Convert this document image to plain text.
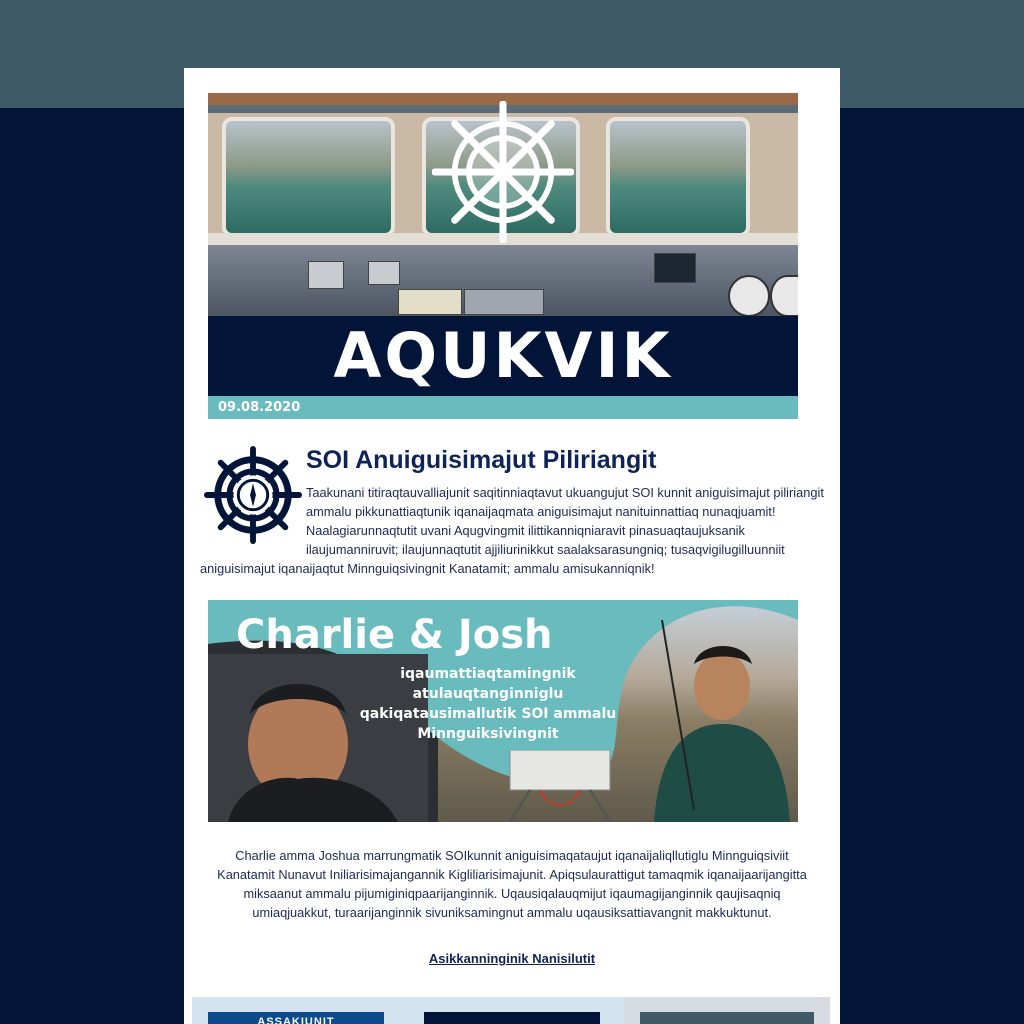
AQUKVIK
09.08.2020
SOI Anuiguisimajut Piliriangit
Taakunani titiraqtauvalliajunit saqitinniaqtavut ukuangujut SOI kunnit aniguisimajut piliriangit ammalu pikkunattiaqtunik iqanaijaqmata aniguisimajut nanituinnattiaq nunaqjuamit! Naalagiarunnaqtutit uvani Aqugvingmit ilittikanniqniaravit pinasuaqtaujuksanik ilaujumanniruvit; ilaujunnaqtutit ajjiliurinikkut saalaksarasungniq; tusaqvigilugilluunniit aniguisimajut iqanaijaqtut Minnguiqsivingnit Kanatamit; ammalu amisukanniqnik!
Charlie & Josh
iqaumattiaqtamingnik atulauqtanginniglu qakiqatausimallutik SOI ammalu Minnguiksivingnit
Charlie amma Joshua marrungmatik SOIkunnit aniguisimaqataujut iqanaijaliqllutiglu Minnguiqsiviit Kanatamit Nunavut Iniliarisimajangannik Kigliliarisimajunit. Apiqsulaurattigut tamaqmik iqanaijaarijangitta miksaanut ammalu pijumiginiqpaarijanginnik. Uqausiqalauqmijut iqaumagijanginnik qaujisaqniq umiaqjuakkut, turaarijanginnik sivuniksamingnut ammalu uqausiksattiavangnit makkuktunut.
Asikkanninginik Nanisilutit
ASSAKIUNIT
